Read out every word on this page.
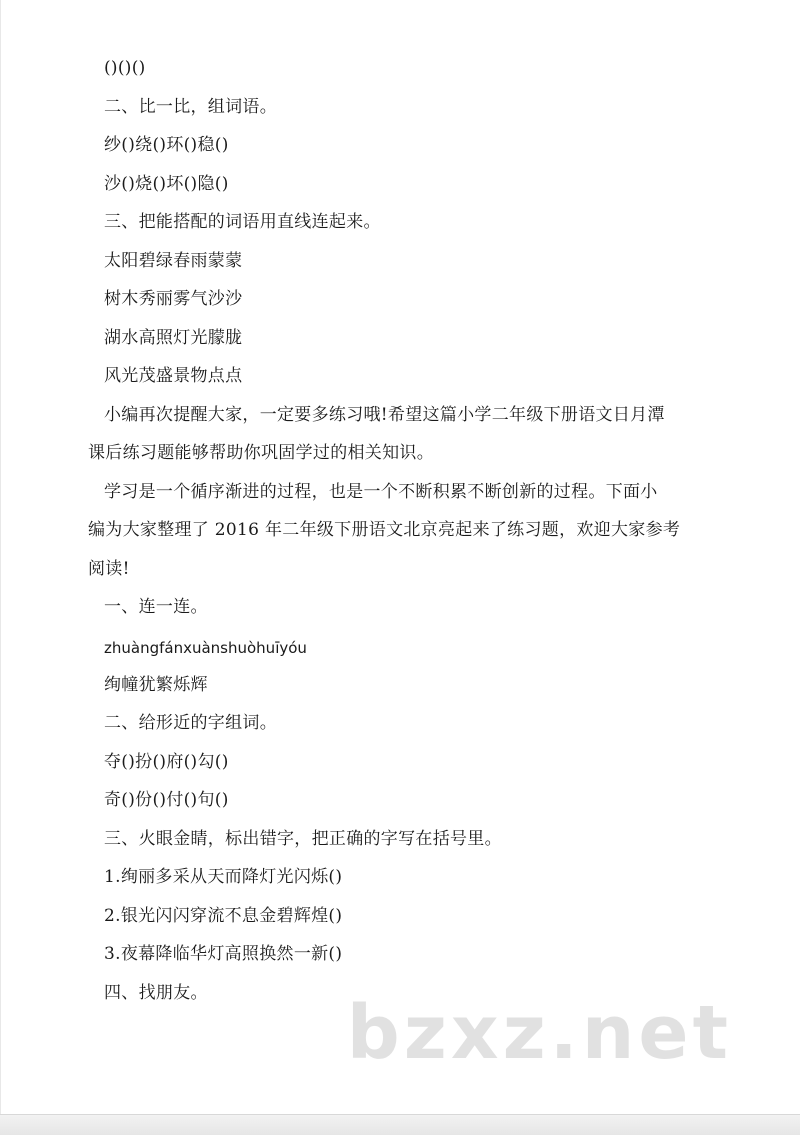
()()()
二、比一比，组词语。
纱()绕()环()稳()
沙()烧()坏()隐()
三、把能搭配的词语用直线连起来。
太阳碧绿春雨蒙蒙
树木秀丽雾气沙沙
湖水高照灯光朦胧
风光茂盛景物点点
小编再次提醒大家，一定要多练习哦!希望这篇小学二年级下册语文日月潭
课后练习题能够帮助你巩固学过的相关知识。
学习是一个循序渐进的过程，也是一个不断积累不断创新的过程。下面小
编为大家整理了 2016 年二年级下册语文北京亮起来了练习题，欢迎大家参考
阅读!
一、连一连。
zhuàngfánxuànshuòhuīyóu
绚幢犹繁烁辉
二、给形近的字组词。
夺()扮()府()勾()
奇()份()付()句()
三、火眼金睛，标出错字，把正确的字写在括号里。
1.绚丽多采从天而降灯光闪烁()
2.银光闪闪穿流不息金碧辉煌()
3.夜幕降临华灯高照换然一新()
四、找朋友。 bzxz.net
